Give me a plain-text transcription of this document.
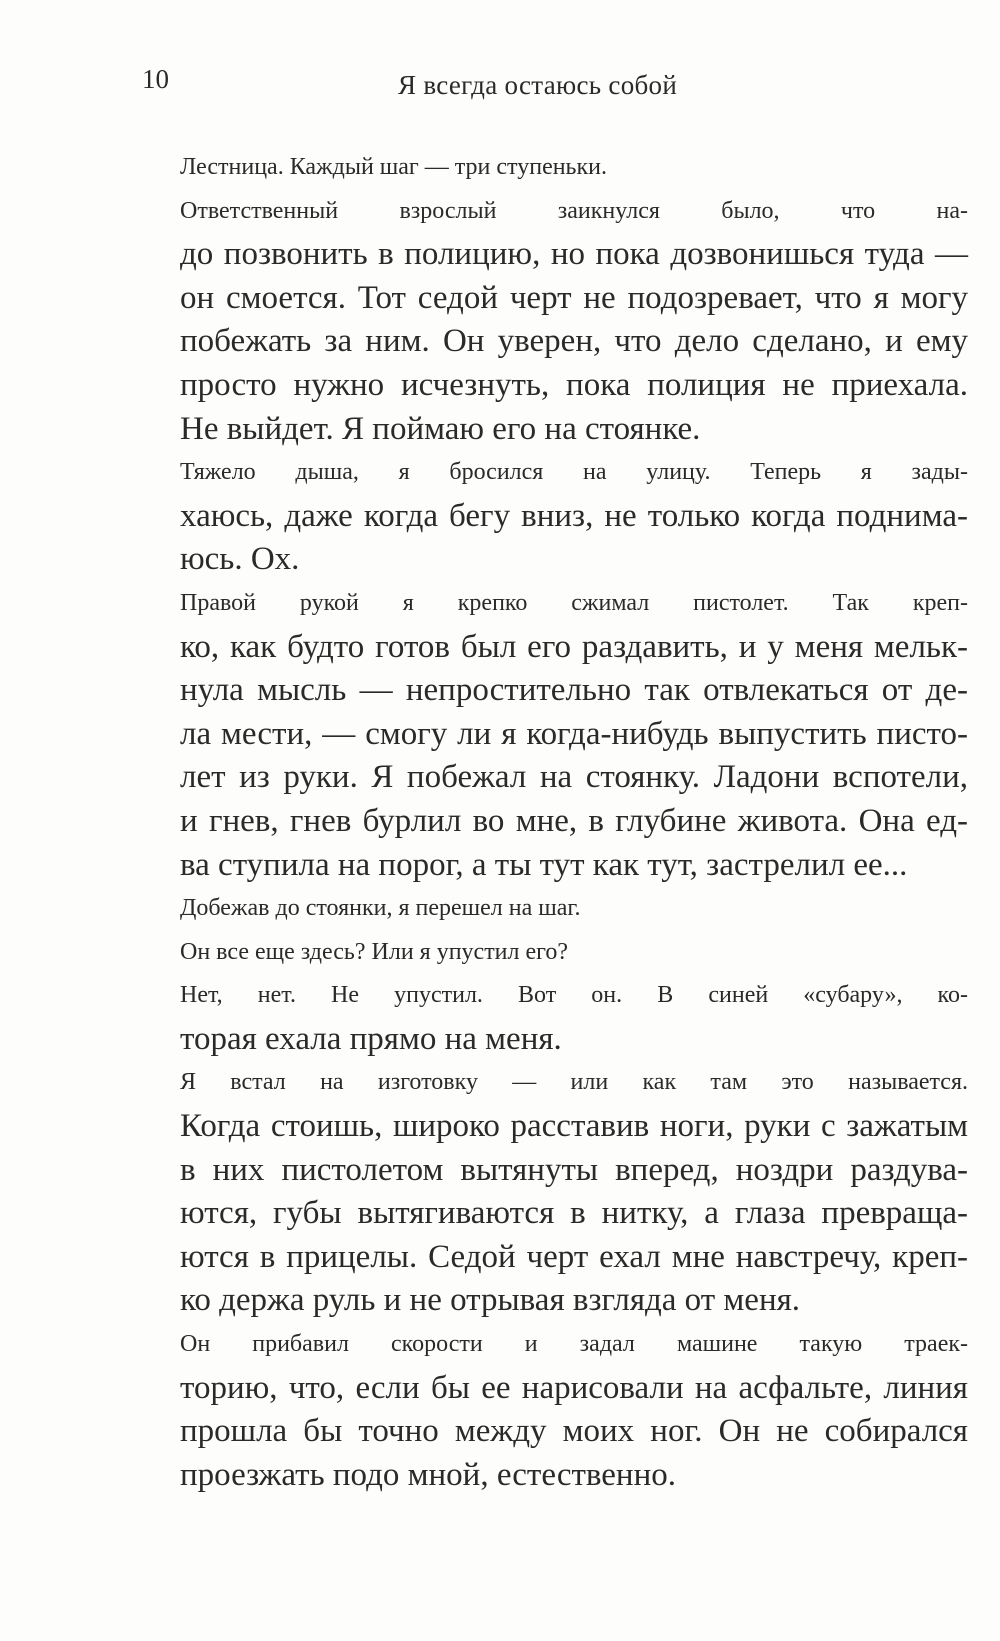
10	Я всегда остаюсь собой

Лестница. Каждый шаг — три ступеньки.

Ответственный взрослый заикнулся было, что на-
до позвонить в полицию, но пока дозвонишься туда —
он смоется. Тот седой черт не подозревает, что я могу
побежать за ним. Он уверен, что дело сделано, и ему
просто нужно исчезнуть, пока полиция не приехала.
Не выйдет. Я поймаю его на стоянке.

Тяжело дыша, я бросился на улицу. Теперь я зады-
хаюсь, даже когда бегу вниз, не только когда поднима-
юсь. Ох.

Правой рукой я крепко сжимал пистолет. Так креп-
ко, как будто готов был его раздавить, и у меня мельк-
нула мысль — непростительно так отвлекаться от де-
ла мести, — смогу ли я когда-нибудь выпустить писто-
лет из руки. Я побежал на стоянку. Ладони вспотели,
и гнев, гнев бурлил во мне, в глубине живота. Она ед-
ва ступила на порог, а ты тут как тут, застрелил ее...

Добежав до стоянки, я перешел на шаг.

Он все еще здесь? Или я упустил его?

Нет, нет. Не упустил. Вот он. В синей «субару», ко-
торая ехала прямо на меня.

Я встал на изготовку — или как там это называется.
Когда стоишь, широко расставив ноги, руки с зажатым
в них пистолетом вытянуты вперед, ноздри раздува-
ются, губы вытягиваются в нитку, а глаза превраща-
ются в прицелы. Седой черт ехал мне навстречу, креп-
ко держа руль и не отрывая взгляда от меня.

Он прибавил скорости и задал машине такую траек-
торию, что, если бы ее нарисовали на асфальте, линия
прошла бы точно между моих ног. Он не собирался
проезжать подо мной, естественно.
